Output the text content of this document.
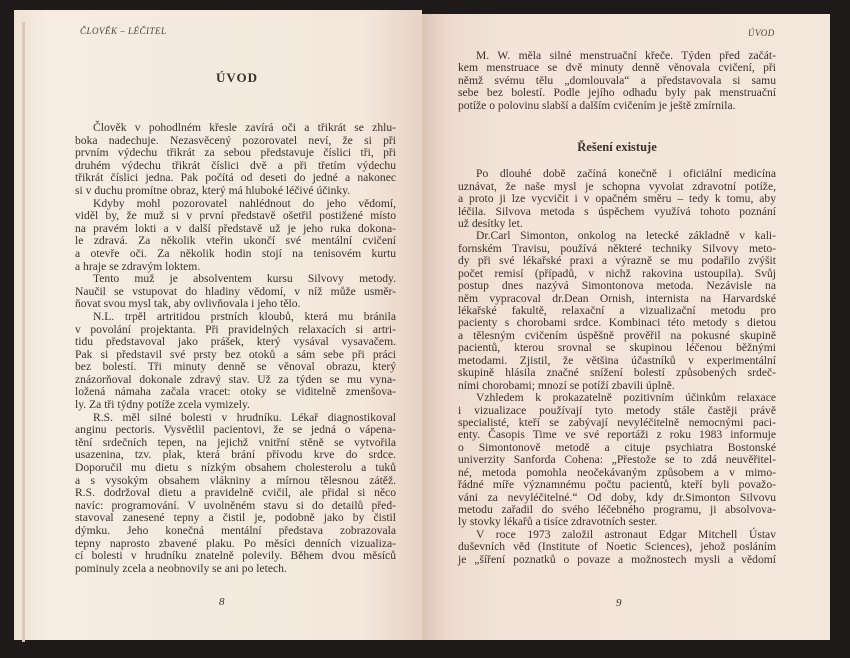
ČLOVĚK – LÉČITEL
ÚVOD
Člověk v pohodlném křesle zavírá oči a třikrát se zhlu-
boka nadechuje. Nezasvěcený pozorovatel neví, že si při
prvním výdechu třikrát za sebou představuje číslici tři, při
druhém výdechu třikrát číslici dvě a při třetím výdechu
třikrát číslici jedna. Pak počítá od deseti do jedné a nakonec
si v duchu promítne obraz, který má hluboké léčivé účinky.
Kdyby mohl pozorovatel nahlédnout do jeho vědomí,
viděl by, že muž si v první představě ošetřil postižené místo
na pravém lokti a v další představě už je jeho ruka dokona-
le zdravá. Za několik vteřin ukončí své mentální cvičení
a otevře oči. Za několik hodin stojí na tenisovém kurtu
a hraje se zdravým loktem.
Tento muž je absolventem kursu Silvovy metody.
Naučil se vstupovat do hladiny vědomí, v níž může usměr-
ňovat svou mysl tak, aby ovlivňovala i jeho tělo.
N.L. trpěl artritidou prstních kloubů, která mu bránila
v povolání projektanta. Při pravidelných relaxacích si artri-
tidu představoval jako prášek, který vysával vysavačem.
Pak si představil své prsty bez otoků a sám sebe při práci
bez bolestí. Tři minuty denně se věnoval obrazu, který
znázorňoval dokonale zdravý stav. Už za týden se mu vyna-
ložená námaha začala vracet: otoky se viditelně zmenšova-
ly. Za tři týdny potíže zcela vymizely.
R.S. měl silné bolesti v hrudníku. Lékař diagnostikoval
anginu pectoris. Vysvětlil pacientovi, že se jedná o vápena-
tění srdečních tepen, na jejichž vnitřní stěně se vytvořila
usazenina, tzv. plak, která brání přívodu krve do srdce.
Doporučil mu dietu s nízkým obsahem cholesterolu a tuků
a s vysokým obsahem vlákniny a mírnou tělesnou zátěž.
R.S. dodržoval dietu a pravidelně cvičil, ale přidal si něco
navíc: programování. V uvolněném stavu si do detailů před-
stavoval zanesené tepny a čistil je, podobně jako by čistil
dýmku. Jeho konečná mentální představa zobrazovala
tepny naprosto zbavené plaku. Po měsíci denních vizualiza-
cí bolesti v hrudníku znatelně polevily. Během dvou měsíců
pominuly zcela a neobnovily se ani po letech.
8
ÚVOD
M. W. měla silné menstruační křeče. Týden před začát-
kem menstruace se dvě minuty denně věnovala cvičení, při
němž svému tělu „domlouvala“ a představovala si samu
sebe bez bolestí. Podle jejího odhadu byly pak menstruační
potíže o polovinu slabší a dalším cvičením je ještě zmírnila.
Řešení existuje
Po dlouhé době začíná konečně i oficiální medicína
uznávat, že naše mysl je schopna vyvolat zdravotní potíže,
a proto ji lze vycvičit i v opačném směru – tedy k tomu, aby
léčila. Silvova metoda s úspěchem využívá tohoto poznání
už desítky let.
Dr.Carl Simonton, onkolog na letecké základně v kali-
fornském Travisu, používá některé techniky Silvovy meto-
dy při své lékařské praxi a výrazně se mu podařilo zvýšit
počet remisí (případů, v nichž rakovina ustoupila). Svůj
postup dnes nazývá Simontonova metoda. Nezávisle na
něm vypracoval dr.Dean Ornish, internista na Harvardské
lékařské fakultě, relaxační a vizualizační metodu pro
pacienty s chorobami srdce. Kombinaci této metody s dietou
a tělesným cvičením úspěšně prověřil na pokusné skupině
pacientů, kterou srovnal se skupinou léčenou běžnými
metodami. Zjistil, že většina účastníků v experimentální
skupině hlásila značné snížení bolestí způsobených srdeč-
ními chorobami; mnozí se potíží zbavili úplně.
Vzhledem k prokazatelně pozitivním účinkům relaxace
i vizualizace používají tyto metody stále častěji právě
specialisté, kteří se zabývají nevyléčitelně nemocnými paci-
enty. Časopis Time ve své reportáži z roku 1983 informuje
o Simontonově metodě a cituje psychiatra Bostonské
univerzity Sanforda Cohena: „Přestože se to zdá neuvěřitel-
né, metoda pomohla neočekávaným způsobem a v mimo-
řádné míře významnému počtu pacientů, kteří byli považo-
váni za nevyléčitelné.“ Od doby, kdy dr.Simonton Silvovu
metodu zařadil do svého léčebného programu, ji absolvova-
ly stovky lékařů a tisíce zdravotních sester.
V roce 1973 založil astronaut Edgar Mitchell Ústav
duševních věd (Institute of Noetic Sciences), jehož posláním
je „šíření poznatků o povaze a možnostech mysli a vědomí
9
